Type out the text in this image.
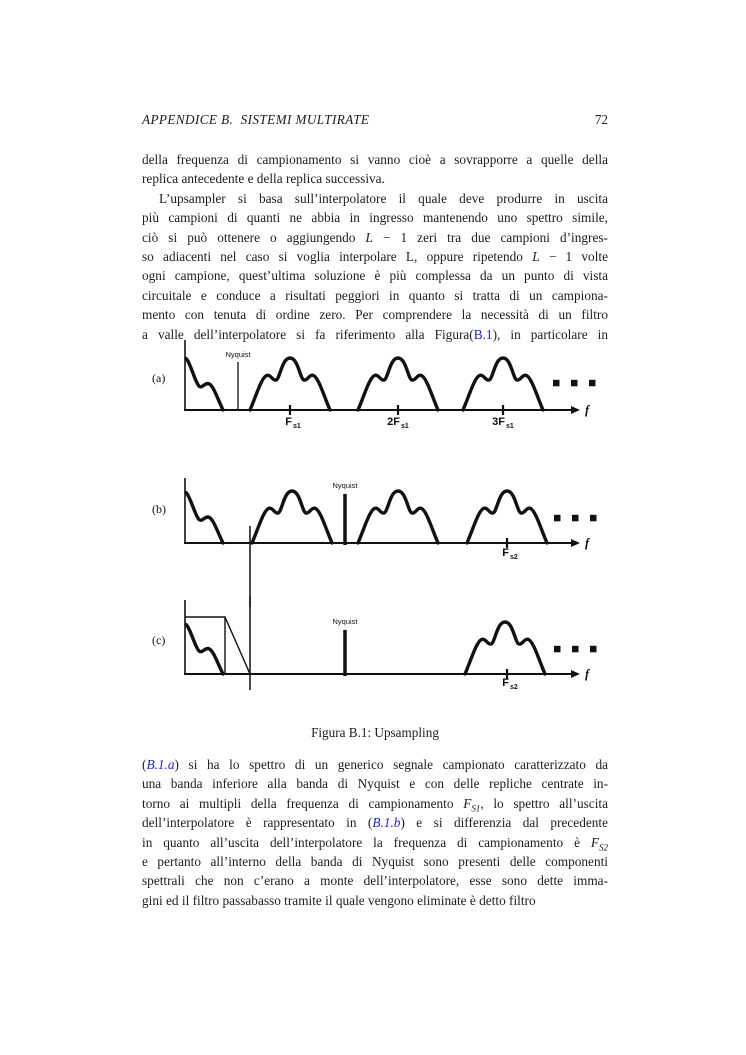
APPENDICE B.  SISTEMI MULTIRATE	72
della frequenza di campionamento si vanno cioè a sovrapporre a quelle della
replica antecedente e della replica successiva.
L’upsampler si basa sull’interpolatore il quale deve produrre in uscita
più campioni di quanti ne abbia in ingresso mantenendo uno spettro simile,
ciò si può ottenere o aggiungendo L − 1 zeri tra due campioni d’ingres-
so adiacenti nel caso si voglia interpolare L, oppure ripetendo L − 1 volte
ogni campione, quest’ultima soluzione è più complessa da un punto di vista
circuitale e conduce a risultati peggiori in quanto si tratta di un campiona-
mento con tenuta di ordine zero. Per comprendere la necessità di un filtro
a valle dell’interpolatore si fa riferimento alla Figura(B.1), in particolare in
(a)
f
Nyquist
F s1	2F s1	3F s1
(b)
f
Nyquist
F s2
(c)
f
Nyquist
F s2
Figura B.1: Upsampling
(B.1.a) si ha lo spettro di un generico segnale campionato caratterizzato da
una banda inferiore alla banda di Nyquist e con delle repliche centrate in-
torno ai multipli della frequenza di campionamento $F_{S1}$, lo spettro all’uscita
dell’interpolatore è rappresentato in (B.1.b) e si differenzia dal precedente
in quanto all’uscita dell’interpolatore la frequenza di campionamento è $F_{S2}$
e pertanto all’interno della banda di Nyquist sono presenti delle componenti
spettrali che non c’erano a monte dell’interpolatore, esse sono dette imma-
gini ed il filtro passabasso tramite il quale vengono eliminate è detto filtro
